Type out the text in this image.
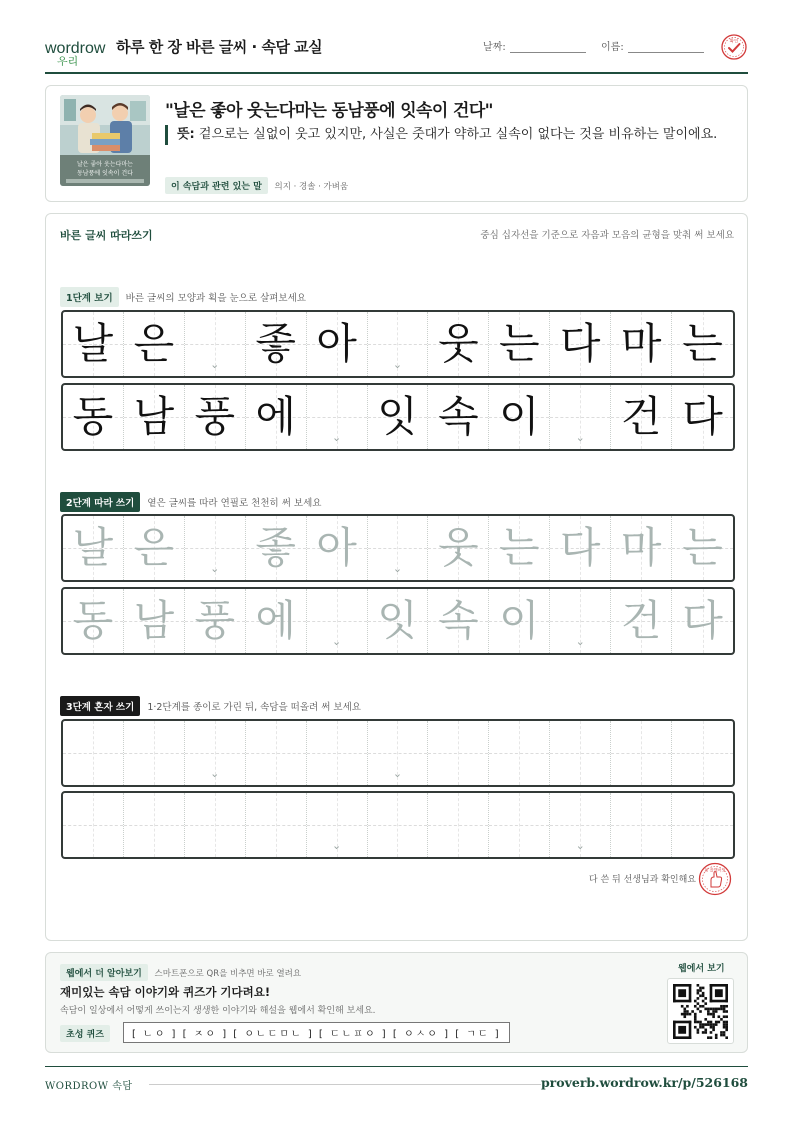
wordrow
우리
하루 한 장 바른 글씨 · 속담 교실	날짜:	이름:	확인
날은 좋아 웃는다마는
동남풍에 잇속이 건다
"날은 좋아 웃는다마는 동남풍에 잇속이 건다"
뜻: 겉으로는 실없이 웃고 있지만, 사실은 줏대가 약하고 실속이 없다는 것을 비유하는 말이에요.
이 속담과 관련 있는 말 의지 · 경솔 · 가벼움
바른 글씨 따라쓰기	중심 십자선을 기준으로 자음과 모음의 균형을 맞춰 써 보세요
1단계 보기 바른 글씨의 모양과 획을 눈으로 살펴보세요
날 은	⌄ 좋 아	⌄ 웃 는 다 마 는
동 남 풍 에	⌄ 잇 속 이	⌄ 건 다
2단계 따라 쓰기 옅은 글씨를 따라 연필로 천천히 써 보세요
날 은	⌄ 좋 아	⌄ 웃 는 다 마 는
동 남 풍 에	⌄ 잇 속 이	⌄ 건 다
3단계 혼자 쓰기 1·2단계를 종이로 가린 뒤, 속담을 떠올려 써 보세요
⌄	⌄
⌄	⌄
다 쓴 뒤 선생님과 확인해요
참 잘했어요
웹에서 더 알아보기 스마트폰으로 QR을 비추면 바로 열려요
재미있는 속담 이야기와 퀴즈가 기다려요!
속담이 일상에서 어떻게 쓰이는지 생생한 이야기와 해설을 웹에서 확인해 보세요.
초성 퀴즈	[ ㄴㅇ ] [ ㅈㅇ ] [ ㅇㄴㄷㅁㄴ ] [ ㄷㄴㅍㅇ ] [ ㅇㅅㅇ ] [ ㄱㄷ ]
웹에서 보기
WORDROW 속담	proverb.wordrow.kr/p/526168
